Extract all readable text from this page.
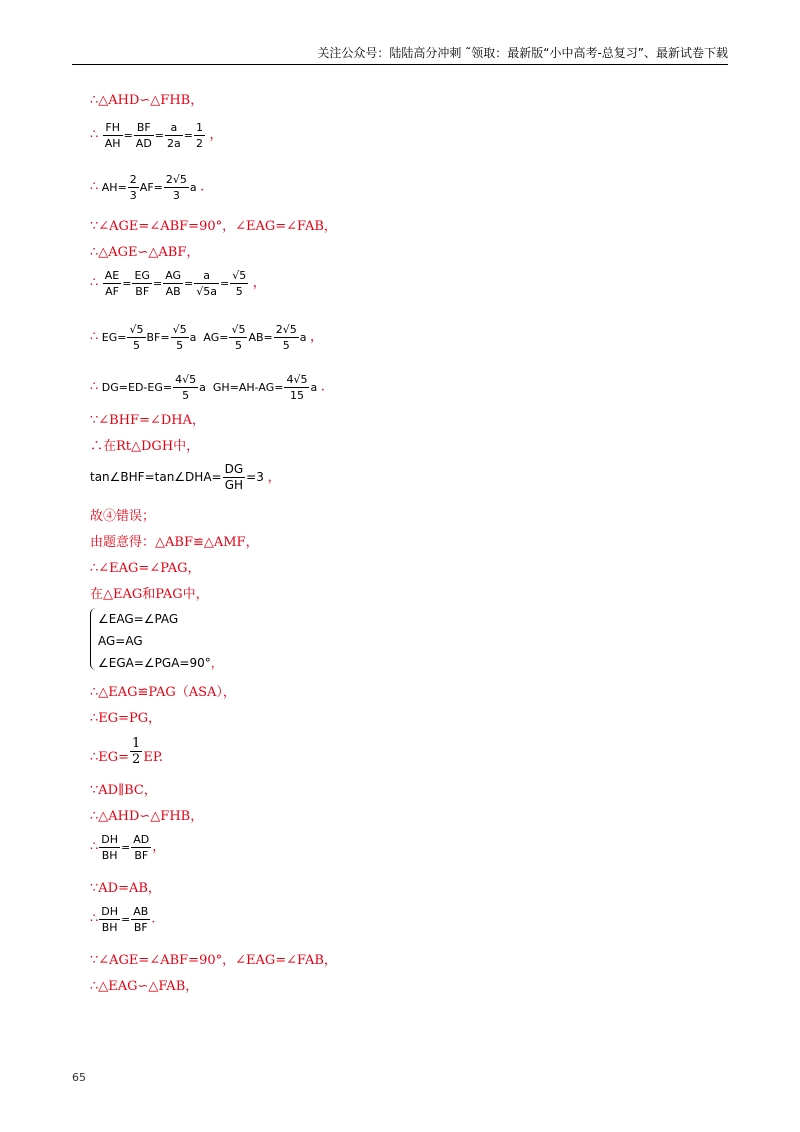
关注公众号：陆陆高分冲刺 ˜领取：最新版“小中高考-总复习”、最新试卷下载
∴△AHD∽△FHB，
∴ $\frac{FH}{AH} = \frac{BF}{AD} = \frac{a}{2a} = \frac{1}{2}$ ，
∴ $AH= \frac{2}{3} AF= \frac{2√5}{3}$ a .
∵∠AGE=∠ABF=90°，∠EAG=∠FAB，
∴△AGE∽△ABF，
∴ $\frac{AE}{AF} = \frac{EG}{BF} = \frac{AG}{AB} = \frac{a}{√5a} = \frac{√5}{5}$ ，
∴ $EG= \frac{√5}{5} BF= \frac{√5}{5}$ a $AG= \frac{√5}{5} AB= \frac{2√5}{5}$ a ，
∴ $DG=ED-EG= \frac{4√5}{5}$ a $GH=AH-AG= \frac{4√5}{15}$ a .
∵∠BHF=∠DHA，
∴在Rt△DGH中，
tan∠BHF=tan∠DHA= $\frac{DG}{GH} =3$ ，
故④错误；
由题意得：△ABF≌△AMF，
∴∠EAG=∠PAG，
在△EAG和PAG中，
∠EAG=∠PAG
AG=AG
∠EGA=∠PGA=90°，
∴△EAG≌PAG（ASA），
∴EG=PG，
∴EG= $\frac{1}{2}$ EP.
∵AD∥BC，
∴△AHD∽△FHB，
∴ $\frac{DH}{BH} = \frac{AD}{BF}$ ，
∵AD=AB，
∴ $\frac{DH}{BH} = \frac{AB}{BF}$ .
∵∠AGE=∠ABF=90°，∠EAG=∠FAB，
∴△EAG∽△FAB，
65
